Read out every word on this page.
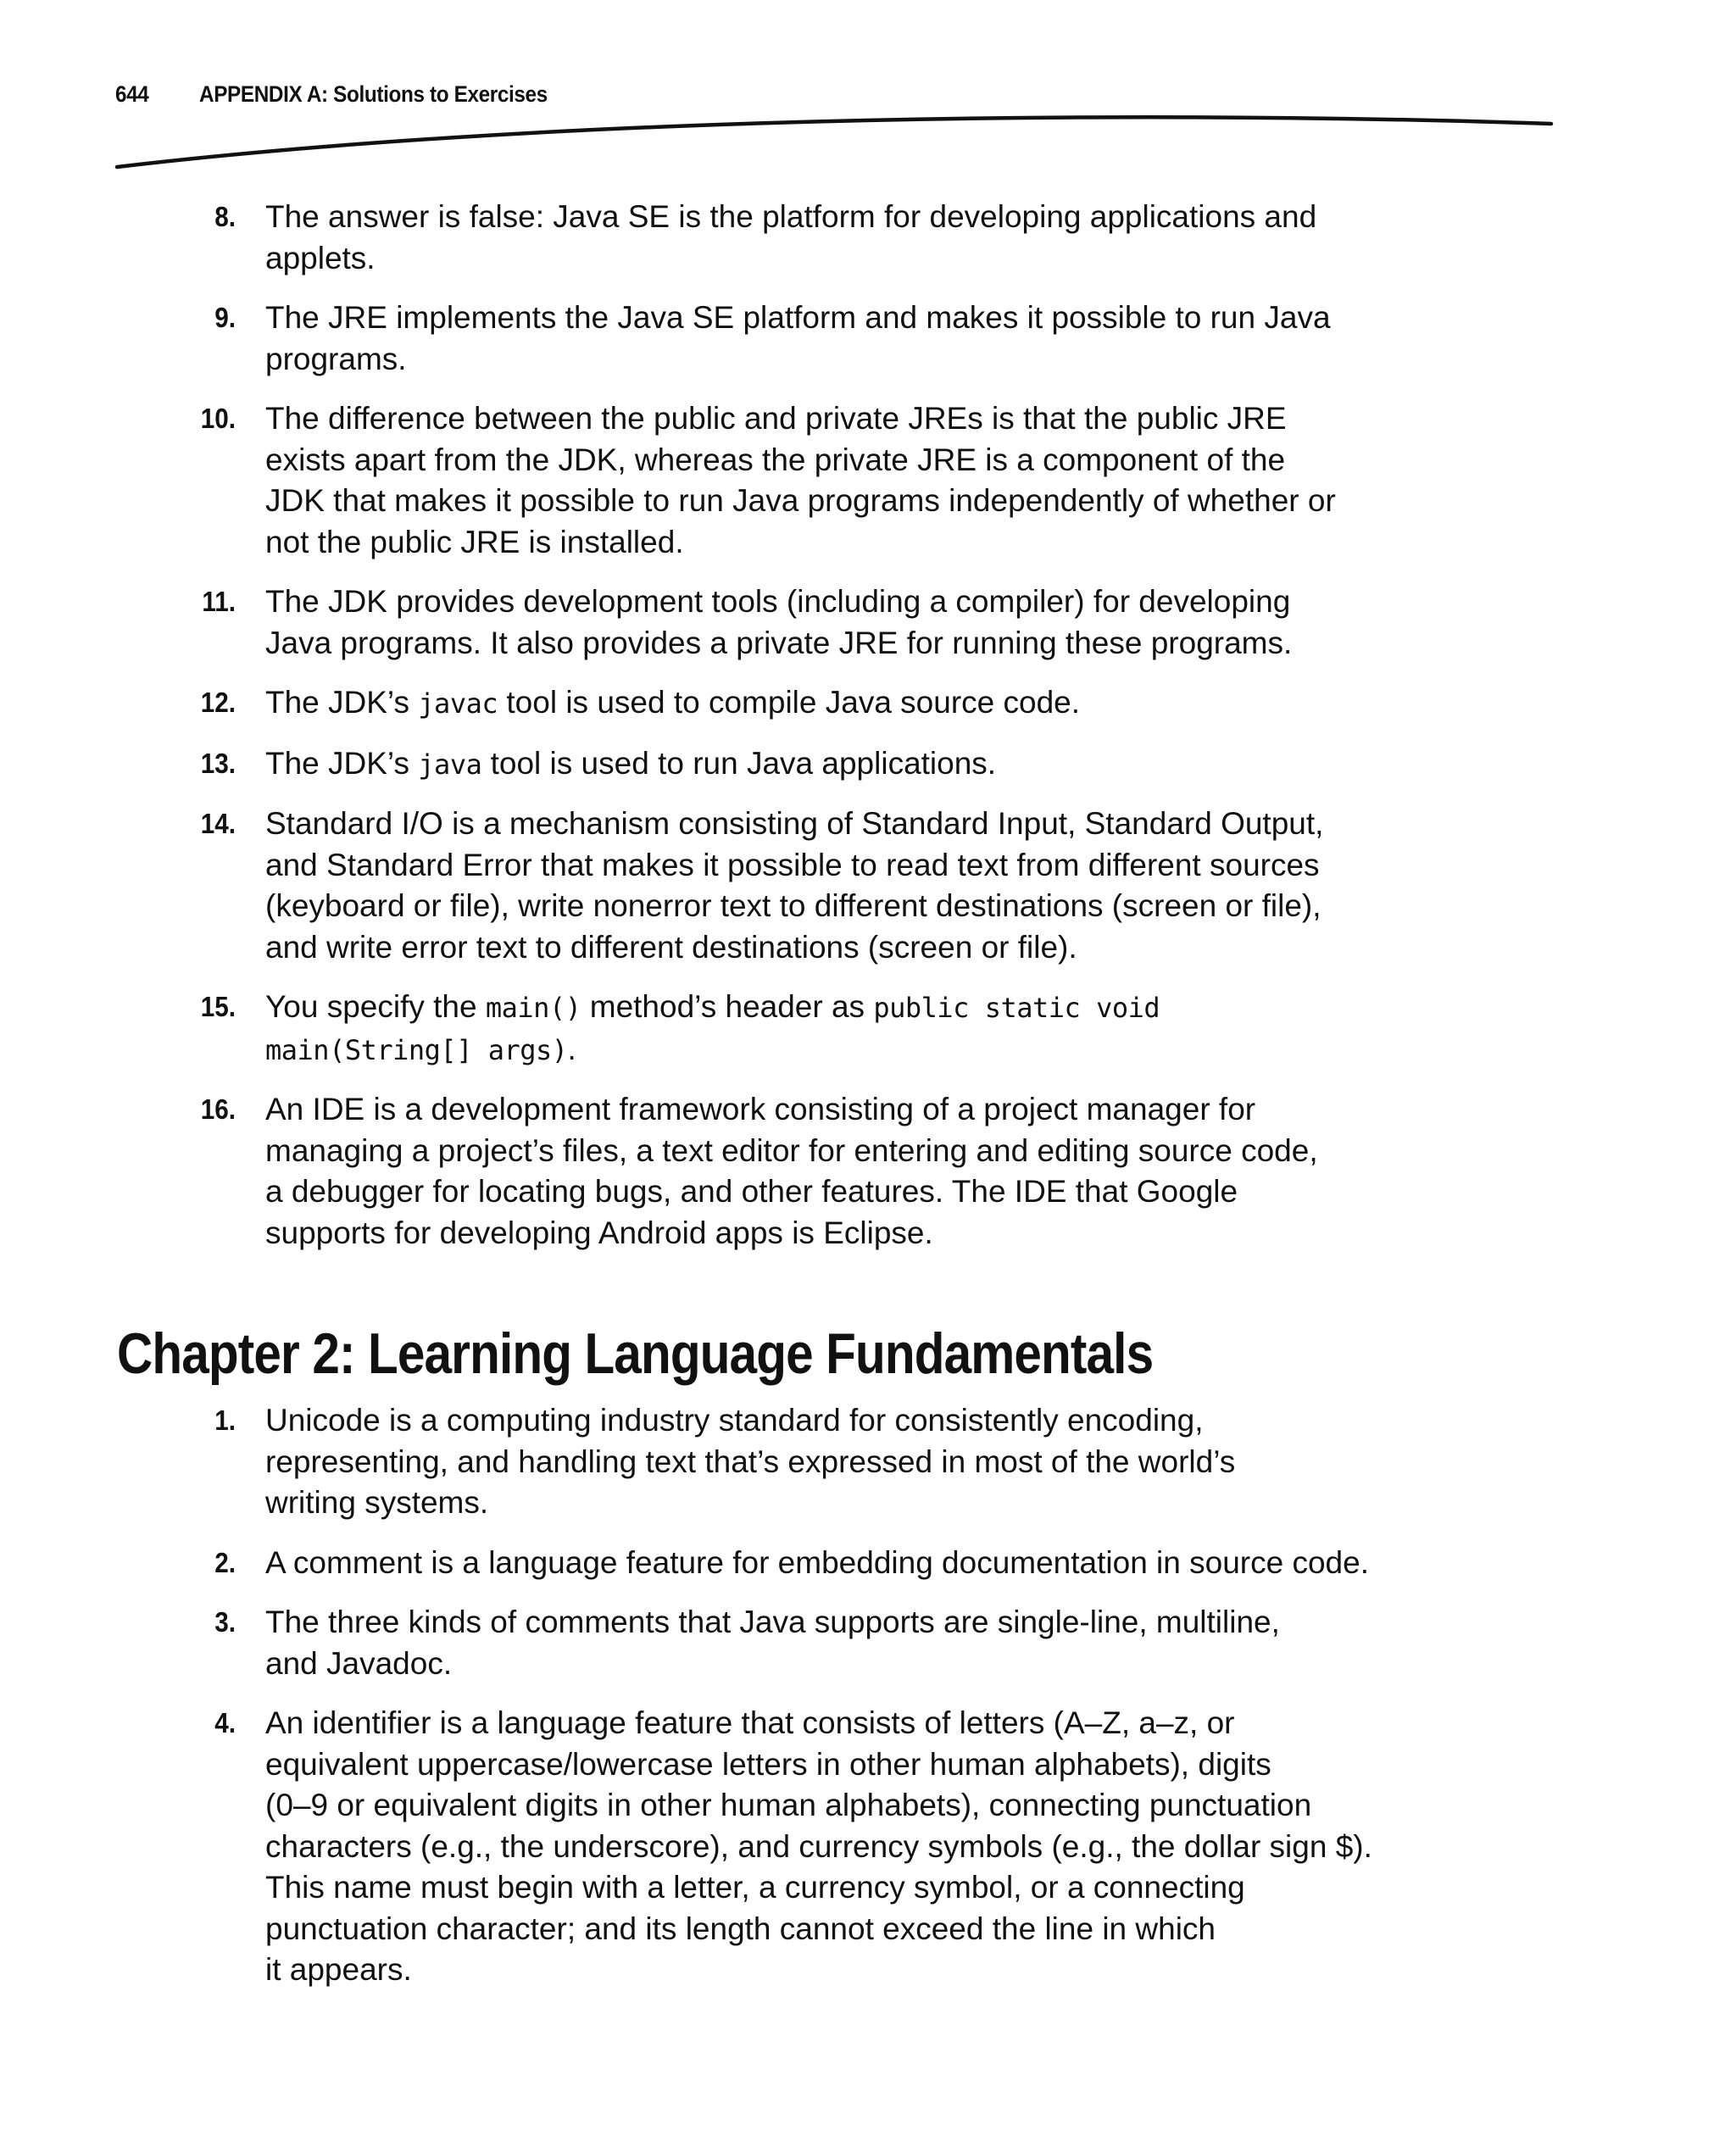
644 APPENDIX A: Solutions to Exercises
8. The answer is false: Java SE is the platform for developing applications and
applets.
9. The JRE implements the Java SE platform and makes it possible to run Java
programs.
10. The difference between the public and private JREs is that the public JRE
exists apart from the JDK, whereas the private JRE is a component of the
JDK that makes it possible to run Java programs independently of whether or
not the public JRE is installed.
11. The JDK provides development tools (including a compiler) for developing
Java programs. It also provides a private JRE for running these programs.
12. The JDK’s javac tool is used to compile Java source code.
13. The JDK’s java tool is used to run Java applications.
14. Standard I/O is a mechanism consisting of Standard Input, Standard Output,
and Standard Error that makes it possible to read text from different sources
(keyboard or file), write nonerror text to different destinations (screen or file),
and write error text to different destinations (screen or file).
15. You specify the main() method’s header as public static void
main(String[] args).
16. An IDE is a development framework consisting of a project manager for
managing a project’s files, a text editor for entering and editing source code,
a debugger for locating bugs, and other features. The IDE that Google
supports for developing Android apps is Eclipse.
Chapter 2: Learning Language Fundamentals
1. Unicode is a computing industry standard for consistently encoding,
representing, and handling text that’s expressed in most of the world’s
writing systems.
2. A comment is a language feature for embedding documentation in source code.
3. The three kinds of comments that Java supports are single-line, multiline,
and Javadoc.
4. An identifier is a language feature that consists of letters (A–Z, a–z, or
equivalent uppercase/lowercase letters in other human alphabets), digits
(0–9 or equivalent digits in other human alphabets), connecting punctuation
characters (e.g., the underscore), and currency symbols (e.g., the dollar sign $).
This name must begin with a letter, a currency symbol, or a connecting
punctuation character; and its length cannot exceed the line in which
it appears.
